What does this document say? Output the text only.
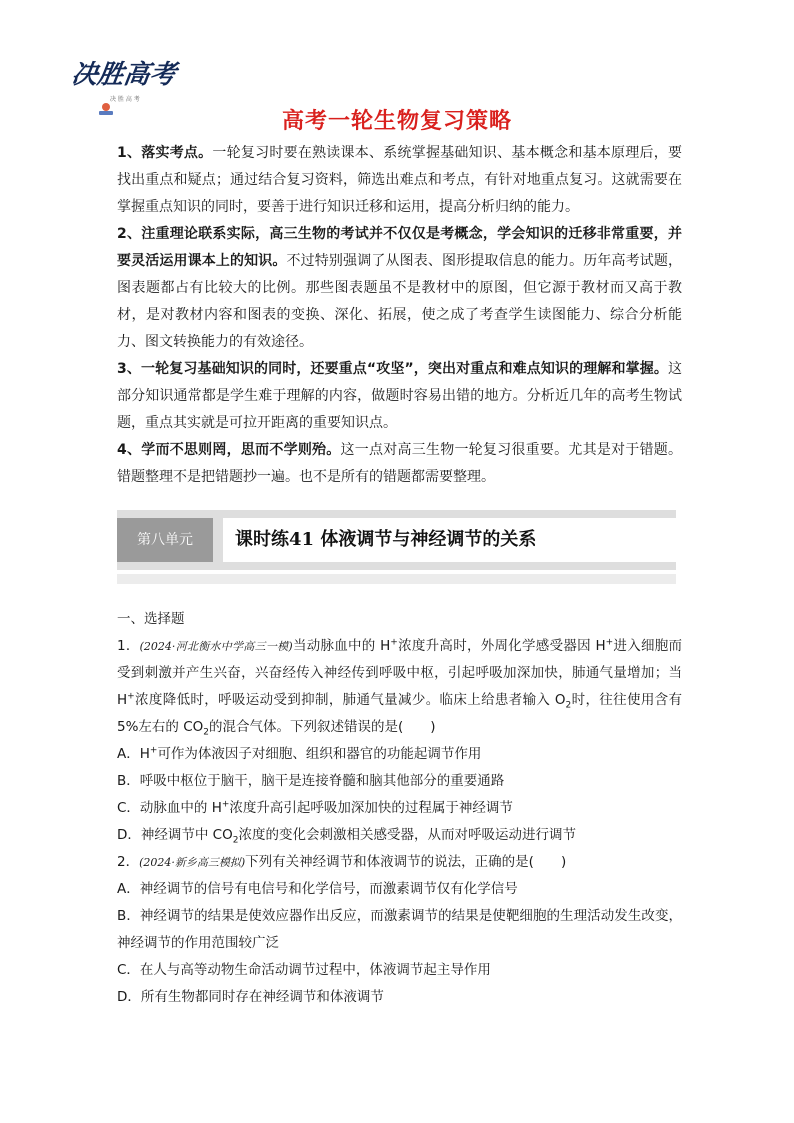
决胜高考
决 胜 高 考
高考一轮生物复习策略

1、落实考点。一轮复习时要在熟读课本、系统掌握基础知识、基本概念和基本原理后，要找出重点和疑点；通过结合复习资料，筛选出难点和考点，有针对地重点复习。这就需要在掌握重点知识的同时，要善于进行知识迁移和运用，提高分析归纳的能力。

2、注重理论联系实际，高三生物的考试并不仅仅是考概念，学会知识的迁移非常重要，并要灵活运用课本上的知识。不过特别强调了从图表、图形提取信息的能力。历年高考试题，图表题都占有比较大的比例。那些图表题虽不是教材中的原图，但它源于教材而又高于教材，是对教材内容和图表的变换、深化、拓展，使之成了考查学生读图能力、综合分析能力、图文转换能力的有效途径。

3、一轮复习基础知识的同时，还要重点“攻坚”，突出对重点和难点知识的理解和掌握。这部分知识通常都是学生难于理解的内容，做题时容易出错的地方。分析近几年的高考生物试题，重点其实就是可拉开距离的重要知识点。

4、学而不思则罔，思而不学则殆。这一点对高三生物一轮复习很重要。尤其是对于错题。错题整理不是把错题抄一遍。也不是所有的错题都需要整理。

第八单元	课时练41 体液调节与神经调节的关系

一、选择题

1．(2024·河北衡水中学高三一模)当动脉血中的 H+浓度升高时，外周化学感受器因 H+进入细胞而受到刺激并产生兴奋，兴奋经传入神经传到呼吸中枢，引起呼吸加深加快，肺通气量增加；当 H+浓度降低时，呼吸运动受到抑制，肺通气量减少。临床上给患者输入 $O_2$时，往往使用含有 5%左右的 $CO_2$的混合气体。下列叙述错误的是(　　)

A．H+可作为体液因子对细胞、组织和器官的功能起调节作用

B．呼吸中枢位于脑干，脑干是连接脊髓和脑其他部分的重要通路

C．动脉血中的 H+浓度升高引起呼吸加深加快的过程属于神经调节

D．神经调节中 $CO_2$浓度的变化会刺激相关感受器，从而对呼吸运动进行调节

2．(2024·新乡高三模拟)下列有关神经调节和体液调节的说法，正确的是(　　)

A．神经调节的信号有电信号和化学信号，而激素调节仅有化学信号

B．神经调节的结果是使效应器作出反应，而激素调节的结果是使靶细胞的生理活动发生改变，神经调节的作用范围较广泛

C．在人与高等动物生命活动调节过程中，体液调节起主导作用

D．所有生物都同时存在神经调节和体液调节
